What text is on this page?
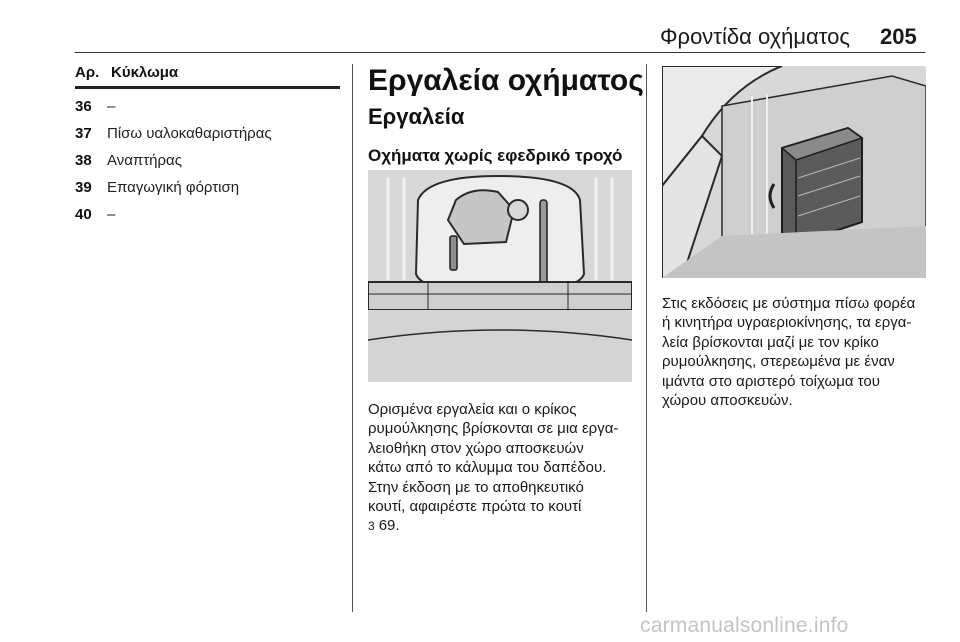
Φροντίδα οχήματος 205
Αρ. Κύκλωμα
36	–
37	Πίσω υαλοκαθαριστήρας
38	Αναπτήρας
39	Επαγωγική φόρτιση
40	–
Εργαλεία οχήματος
Εργαλεία
Οχήματα χωρίς εφεδρικό τροχό
Ορισμένα εργαλεία και ο κρίκος
ρυμούλκησης βρίσκονται σε μια εργα-
λειοθήκη στον χώρο αποσκευών
κάτω από το κάλυμμα του δαπέδου.
Στην έκδοση με το αποθηκευτικό
κουτί, αφαιρέστε πρώτα το κουτί
3 69.
Στις εκδόσεις με σύστημα πίσω φορέα
ή κινητήρα υγραεριοκίνησης, τα εργα-
λεία βρίσκονται μαζί με τον κρίκο
ρυμούλκησης, στερεωμένα με έναν
ιμάντα στο αριστερό τοίχωμα του
χώρου αποσκευών.
carmanualsonline.info
